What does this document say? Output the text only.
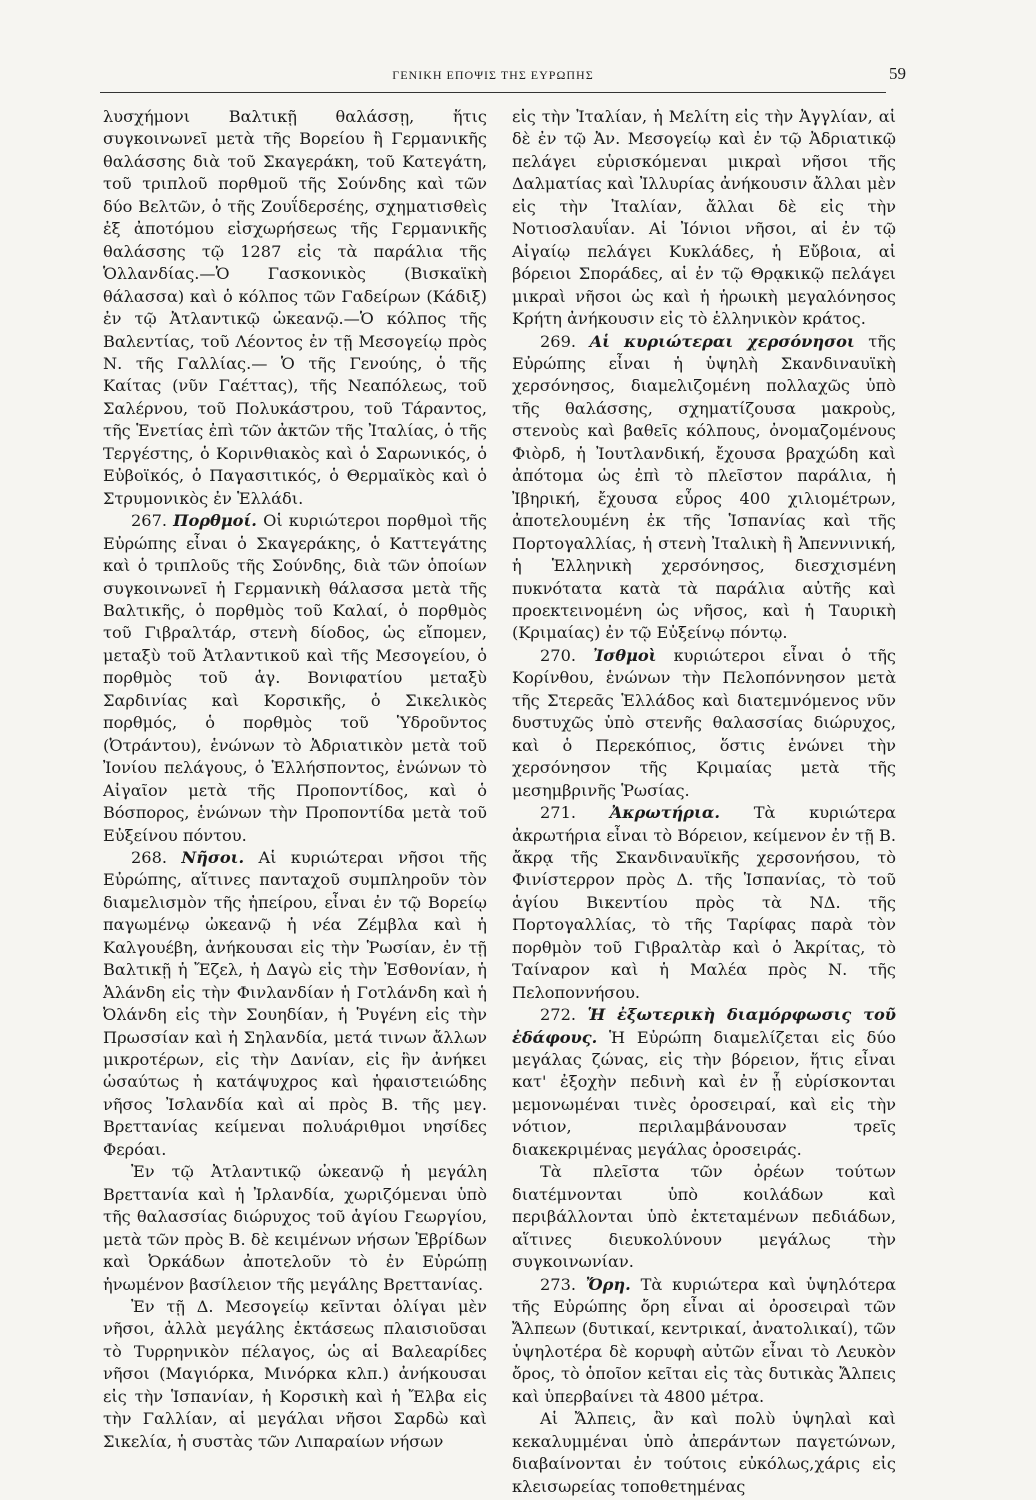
ΓΕΝΙΚΗ ΕΠΟΨΙΣ ΤΗΣ ΕΥΡΩΠΗΣ	59

λυσχήμονι Βαλτικῇ θαλάσσῃ, ἥτις συγκοινωνεῖ μετὰ τῆς Βορείου ἢ Γερμανικῆς θαλάσσης διὰ τοῦ Σκαγεράκη, τοῦ Κατεγάτη, τοῦ τριπλοῦ πορθμοῦ τῆς Σούνδης καὶ τῶν δύο Βελτῶν, ὁ τῆς Ζουΐδερσέης, σχηματισθεὶς ἐξ ἀποτόμου εἰσχωρήσεως τῆς Γερμανικῆς θαλάσσης τῷ 1287 εἰς τὰ παράλια τῆς Ὁλλανδίας.—Ὁ Γασκονικὸς (Βισκαϊκὴ θάλασσα) καὶ ὁ κόλπος τῶν Γαδείρων (Κάδιξ) ἐν τῷ Ἀτλαντικῷ ὠκεανῷ.—Ὁ κόλπος τῆς Βαλεντίας, τοῦ Λέοντος ἐν τῇ Μεσογείῳ πρὸς Ν. τῆς Γαλλίας.— Ὁ τῆς Γενούης, ὁ τῆς Καίτας (νῦν Γαέττας), τῆς Νεαπόλεως, τοῦ Σαλέρνου, τοῦ Πολυκάστρου, τοῦ Τάραντος, τῆς Ἑνετίας ἐπὶ τῶν ἀκτῶν τῆς Ἰταλίας, ὁ τῆς Τεργέστης, ὁ Κορινθιακὸς καὶ ὁ Σαρωνικός, ὁ Εὐβοϊκός, ὁ Παγασιτικός, ὁ Θερμαϊκὸς καὶ ὁ Στρυμονικὸς ἐν Ἑλλάδι.

267. Πορθμοί. Οἱ κυριώτεροι πορθμοὶ τῆς Εὐρώπης εἶναι ὁ Σκαγεράκης, ὁ Καττεγάτης καὶ ὁ τριπλοῦς τῆς Σούνδης, διὰ τῶν ὁποίων συγκοινωνεῖ ἡ Γερμανικὴ θάλασσα μετὰ τῆς Βαλτικῆς, ὁ πορθμὸς τοῦ Καλαί, ὁ πορθμὸς τοῦ Γιβραλτάρ, στενὴ δίοδος, ὡς εἴπομεν, μεταξὺ τοῦ Ἀτλαντικοῦ καὶ τῆς Μεσογείου, ὁ πορθμὸς τοῦ ἁγ. Βονιφατίου μεταξὺ Σαρδινίας καὶ Κορσικῆς, ὁ Σικελικὸς πορθμός, ὁ πορθμὸς τοῦ Ὑδροῦντος (Ὀτράντου), ἑνώνων τὸ Ἀδριατικὸν μετὰ τοῦ Ἰονίου πελάγους, ὁ Ἑλλήσποντος, ἑνώνων τὸ Αἰγαῖον μετὰ τῆς Προποντίδος, καὶ ὁ Βόσπορος, ἑνώνων τὴν Προποντίδα μετὰ τοῦ Εὐξείνου πόντου.

268. Νῆσοι. Αἱ κυριώτεραι νῆσοι τῆς Εὐρώπης, αἵτινες πανταχοῦ συμπληροῦν τὸν διαμελισμὸν τῆς ἠπείρου, εἶναι ἐν τῷ Βορείῳ παγωμένῳ ὠκεανῷ ἡ νέα Ζέμβλα καὶ ἡ Καλγουέβη, ἀνήκουσαι εἰς τὴν Ῥωσίαν, ἐν τῇ Βαλτικῇ ἡ Ἔζελ, ἡ Δαγὼ εἰς τὴν Ἐσθονίαν, ἡ Ἀλάνδη εἰς τὴν Φινλανδίαν ἡ Γοτλάνδη καὶ ἡ Ὀλάνδη εἰς τὴν Σουηδίαν, ἡ Ῥυγένη εἰς τὴν Πρωσσίαν καὶ ἡ Σηλανδία, μετά τινων ἄλλων μικροτέρων, εἰς τὴν Δανίαν, εἰς ἣν ἀνήκει ὡσαύτως ἡ κατάψυχρος καὶ ἡφαιστειώδης νῆσος Ἰσλανδία καὶ αἱ πρὸς Β. τῆς μεγ. Βρεττανίας κείμεναι πολυάριθμοι νησίδες Φερόαι.

Ἐν τῷ Ἀτλαντικῷ ὠκεανῷ ἡ μεγάλη Βρεττανία καὶ ἡ Ἰρλανδία, χωριζόμεναι ὑπὸ τῆς θαλασσίας διώρυχος τοῦ ἁγίου Γεωργίου, μετὰ τῶν πρὸς Β. δὲ κειμένων νήσων Ἑβρίδων καὶ Ὀρκάδων ἀποτελοῦν τὸ ἐν Εὐρώπῃ ἡνωμένον βασίλειον τῆς μεγάλης Βρεττανίας.

Ἐν τῇ Δ. Μεσογείῳ κεῖνται ὀλίγαι μὲν νῆσοι, ἀλλὰ μεγάλης ἐκτάσεως πλαισιοῦσαι τὸ Τυρρηνικὸν πέλαγος, ὡς αἱ Βαλεαρίδες νῆσοι (Μαγιόρκα, Μινόρκα κλπ.) ἀνήκουσαι εἰς τὴν Ἱσπανίαν, ἡ Κορσικὴ καὶ ἡ Ἔλβα εἰς τὴν Γαλλίαν, αἱ μεγάλαι νῆσοι Σαρδὼ καὶ Σικελία, ἡ συστὰς τῶν Λιπαραίων νήσων

εἰς τὴν Ἰταλίαν, ἡ Μελίτη εἰς τὴν Ἀγγλίαν, αἱ δὲ ἐν τῷ Ἀν. Μεσογείῳ καὶ ἐν τῷ Ἀδριατικῷ πελάγει εὑρισκόμεναι μικραὶ νῆσοι τῆς Δαλματίας καὶ Ἰλλυρίας ἀνήκουσιν ἄλλαι μὲν εἰς τὴν Ἰταλίαν, ἄλλαι δὲ εἰς τὴν Νοτιοσλαυΐαν. Αἱ Ἰόνιοι νῆσοι, αἱ ἐν τῷ Αἰγαίῳ πελάγει Κυκλάδες, ἡ Εὔβοια, αἱ βόρειοι Σποράδες, αἱ ἐν τῷ Θρᾳκικῷ πελάγει μικραὶ νῆσοι ὡς καὶ ἡ ἡρωικὴ μεγαλόνησος Κρήτη ἀνήκουσιν εἰς τὸ ἑλληνικὸν κράτος.

269. Αἱ κυριώτεραι χερσόνησοι τῆς Εὐρώπης εἶναι ἡ ὑψηλὴ Σκανδιναυϊκὴ χερσόνησος, διαμελιζομένη πολλαχῶς ὑπὸ τῆς θαλάσσης, σχηματίζουσα μακροὺς, στενοὺς καὶ βαθεῖς κόλπους, ὀνομαζομένους Φιὸρδ, ἡ Ἰουτλανδική, ἔχουσα βραχώδη καὶ ἀπότομα ὡς ἐπὶ τὸ πλεῖστον παράλια, ἡ Ἰβηρική, ἔχουσα εὖρος 400 χιλιομέτρων, ἀποτελουμένη ἐκ τῆς Ἱσπανίας καὶ τῆς Πορτογαλλίας, ἡ στενὴ Ἰταλικὴ ἢ Ἀπεννινική, ἡ Ἑλληνικὴ χερσόνησος, διεσχισμένη πυκνότατα κατὰ τὰ παράλια αὐτῆς καὶ προεκτεινομένη ὡς νῆσος, καὶ ἡ Ταυρικὴ (Κριμαίας) ἐν τῷ Εὐξείνῳ πόντῳ.

270. Ἰσθμοὶ κυριώτεροι εἶναι ὁ τῆς Κορίνθου, ἑνώνων τὴν Πελοπόννησον μετὰ τῆς Στερεᾶς Ἑλλάδος καὶ διατεμνόμενος νῦν δυστυχῶς ὑπὸ στενῆς θαλασσίας διώρυχος, καὶ ὁ Περεκόπιος, ὅστις ἑνώνει τὴν χερσόνησον τῆς Κριμαίας μετὰ τῆς μεσημβρινῆς Ῥωσίας.

271. Ἀκρωτήρια. Τὰ κυριώτερα ἀκρωτήρια εἶναι τὸ Βόρειον, κείμενον ἐν τῇ Β. ἄκρᾳ τῆς Σκανδιναυϊκῆς χερσονήσου, τὸ Φινίστερρον πρὸς Δ. τῆς Ἱσπανίας, τὸ τοῦ ἁγίου Βικεντίου πρὸς τὰ ΝΔ. τῆς Πορτογαλλίας, τὸ τῆς Ταρίφας παρὰ τὸν πορθμὸν τοῦ Γιβραλτὰρ καὶ ὁ Ἀκρίτας, τὸ Ταίναρον καὶ ἡ Μαλέα πρὸς Ν. τῆς Πελοποννήσου.

272. Ἡ ἐξωτερικὴ διαμόρφωσις τοῦ ἐδάφους. Ἡ Εὐρώπη διαμελίζεται εἰς δύο μεγάλας ζώνας, εἰς τὴν βόρειον, ἥτις εἶναι κατ' ἐξοχὴν πεδινὴ καὶ ἐν ᾗ εὑρίσκονται μεμονωμέναι τινὲς ὀροσειραί, καὶ εἰς τὴν νότιον, περιλαμβάνουσαν τρεῖς διακεκριμένας μεγάλας ὀροσειράς.

Τὰ πλεῖστα τῶν ὀρέων τούτων διατέμνονται ὑπὸ κοιλάδων καὶ περιβάλλονται ὑπὸ ἐκτεταμένων πεδιάδων, αἵτινες διευκολύνουν μεγάλως τὴν συγκοινωνίαν.

273. Ὄρη. Τὰ κυριώτερα καὶ ὑψηλότερα τῆς Εὐρώπης ὄρη εἶναι αἱ ὀροσειραὶ τῶν Ἄλπεων (δυτικαί, κεντρικαί, ἀνατολικαί), τῶν ὑψηλοτέρα δὲ κορυφὴ αὐτῶν εἶναι τὸ Λευκὸν ὄρος, τὸ ὁποῖον κεῖται εἰς τὰς δυτικὰς Ἄλπεις καὶ ὑπερβαίνει τὰ 4800 μέτρα.

Αἱ Ἄλπεις, ἂν καὶ πολὺ ὑψηλαὶ καὶ κεκαλυμμέναι ὑπὸ ἀπεράντων παγετώνων, διαβαίνονται ἐν τούτοις εὐκόλως,χάρις εἰς κλεισωρείας τοποθετημένας
